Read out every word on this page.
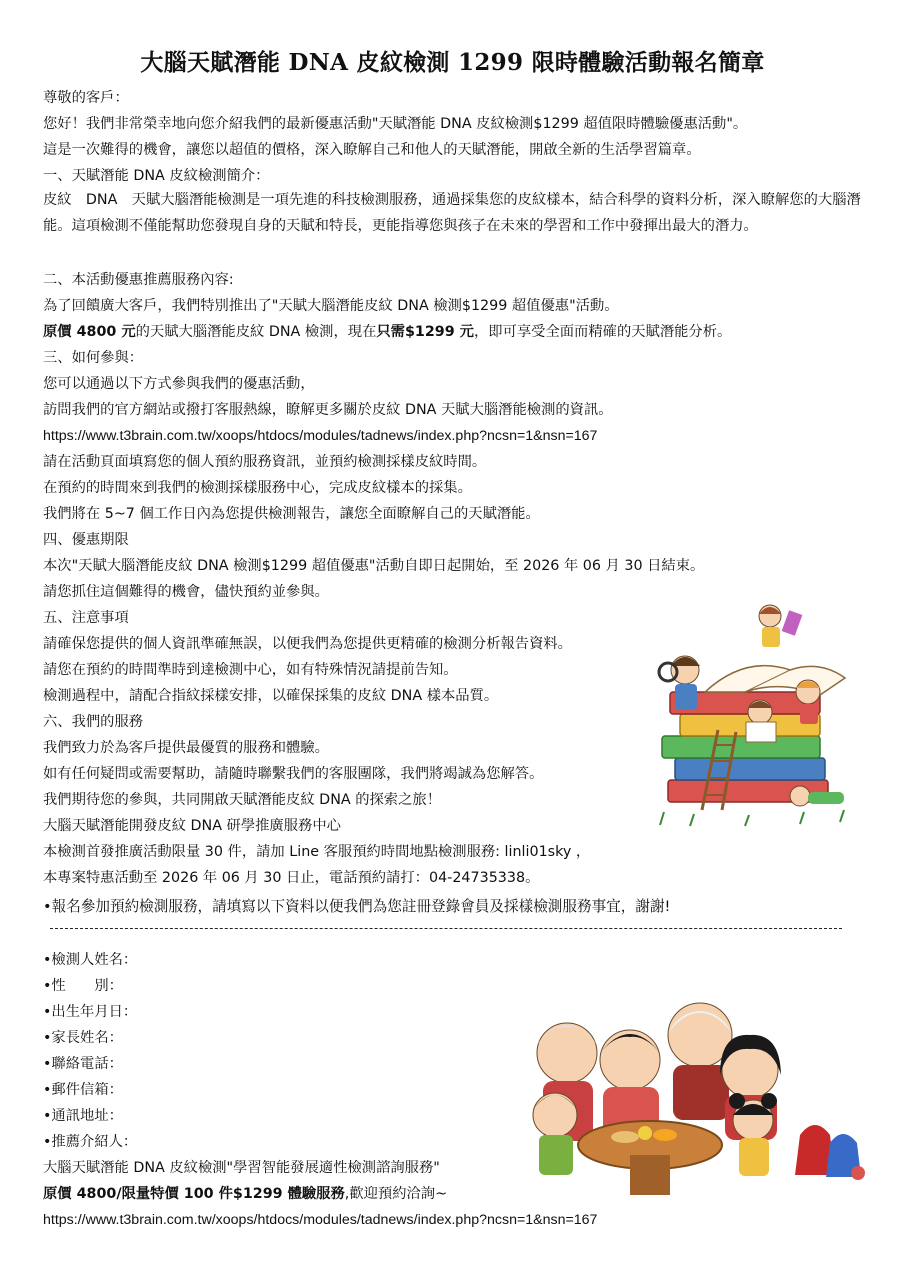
大腦天賦潛能 DNA 皮紋檢測 1299 限時體驗活動報名簡章
尊敬的客戶：
您好！我們非常榮幸地向您介紹我們的最新優惠活動"天賦潛能 DNA 皮紋檢測$1299 超值限時體驗優惠活動"。
這是一次難得的機會，讓您以超值的價格，深入瞭解自己和他人的天賦潛能，開啟全新的生活學習篇章。
一、天賦潛能 DNA 皮紋檢測簡介：
皮紋　DNA　天賦大腦潛能檢測是一項先進的科技檢測服務，通過採集您的皮紋樣本，結合科學的資料分析，深入瞭解您的大腦潛能。這項檢測不僅能幫助您發現自身的天賦和特長，更能指導您與孩子在未來的學習和工作中發揮出最大的潛力。
二、本活動優惠推薦服務內容:
為了回饋廣大客戶，我們特別推出了"天賦大腦潛能皮紋 DNA 檢測$1299 超值優惠"活動。
原價 4800 元的天賦大腦潛能皮紋 DNA 檢測，現在只需$1299 元，即可享受全面而精確的天賦潛能分析。
三、如何參與：
您可以通過以下方式參與我們的優惠活動，
訪問我們的官方網站或撥打客服熱線，瞭解更多關於皮紋 DNA 天賦大腦潛能檢測的資訊。
https://www.t3brain.com.tw/xoops/htdocs/modules/tadnews/index.php?ncsn=1&nsn=167
請在活動頁面填寫您的個人預約服務資訊，並預約檢測採樣皮紋時間。
在預約的時間來到我們的檢測採樣服務中心，完成皮紋樣本的採集。
我們將在 5~7 個工作日內為您提供檢測報告，讓您全面瞭解自己的天賦潛能。
四、優惠期限
本次"天賦大腦潛能皮紋 DNA 檢測$1299 超值優惠"活動自即日起開始，至 2026 年 06 月 30 日結束。
請您抓住這個難得的機會，儘快預約並參與。
五、注意事項
請確保您提供的個人資訊準確無誤，以便我們為您提供更精確的檢測分析報告資料。
請您在預約的時間準時到達檢測中心，如有特殊情況請提前告知。
檢測過程中，請配合指紋採樣安排，以確保採集的皮紋 DNA 樣本品質。
六、我們的服務
我們致力於為客戶提供最優質的服務和體驗。
如有任何疑問或需要幫助，請隨時聯繫我們的客服團隊，我們將竭誠為您解答。
我們期待您的參與，共同開啟天賦潛能皮紋 DNA 的探索之旅！
大腦天賦潛能開發皮紋 DNA 研學推廣服務中心
本檢測首發推廣活動限量 30 件，請加 Line 客服預約時間地點檢測服務: linli01sky ，
本專案特惠活動至 2026 年 06 月 30 日止，電話預約請打：04-24735338。
•報名參加預約檢測服務，請填寫以下資料以便我們為您註冊登錄會員及採樣檢測服務事宜，謝謝!
•檢測人姓名：
•性　　別：
•出生年月日：
•家長姓名：
•聯絡電話：
•郵件信箱：
•通訊地址：
•推薦介紹人：
大腦天賦潛能 DNA 皮紋檢測"學習智能發展適性檢測諮詢服務"
原價 4800/限量特價 100 件$1299 體驗服務,歡迎預約洽詢~
https://www.t3brain.com.tw/xoops/htdocs/modules/tadnews/index.php?ncsn=1&nsn=167
